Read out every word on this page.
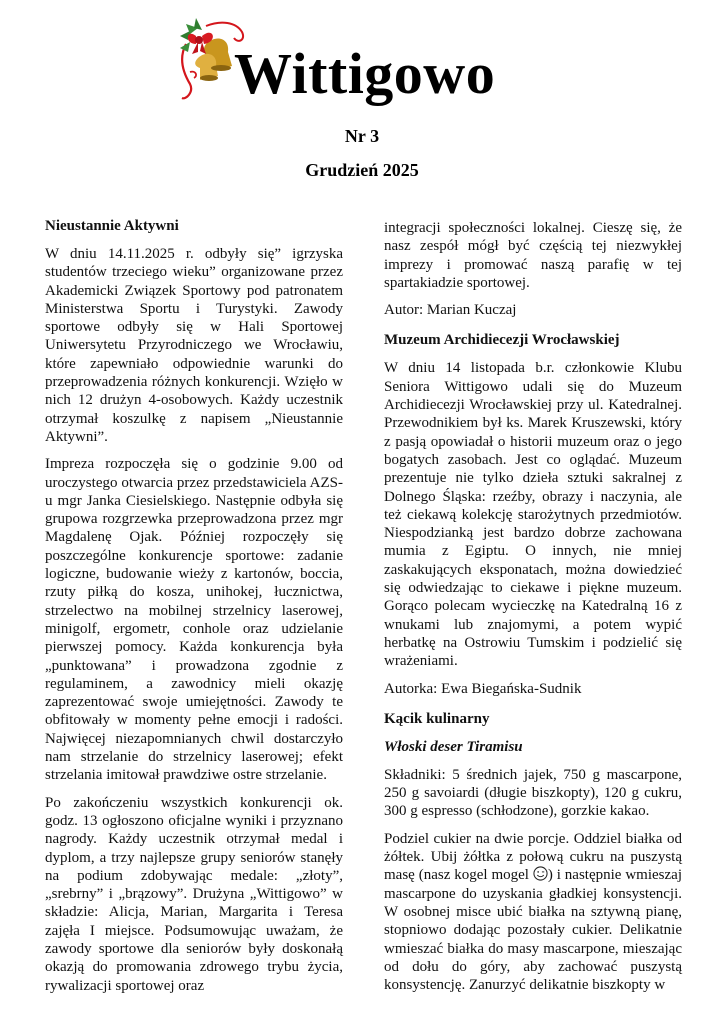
Wittigowo
Nr 3
Grudzień 2025
Nieustannie Aktywni

W dniu 14.11.2025 r. odbyły się” igrzyska studentów trzeciego wieku” organizowane przez Akademicki Związek Sportowy pod patronatem Ministerstwa Sportu i Turystyki. Zawody sportowe odbyły się w Hali Sportowej Uniwersytetu Przyrodniczego we Wrocławiu, które zapewniało odpowiednie warunki do przeprowadzenia różnych konkurencji. Wzięło w nich 12 drużyn 4-osobowych. Każdy uczestnik otrzymał koszulkę z napisem „Nieustannie Aktywni”.

Impreza rozpoczęła się o godzinie 9.00 od uroczystego otwarcia przez przedstawiciela AZS-u mgr Janka Ciesielskiego. Następnie odbyła się grupowa rozgrzewka przeprowadzona przez mgr Magdalenę Ojak. Później rozpoczęły się poszczególne konkurencje sportowe: zadanie logiczne, budowanie wieży z kartonów, boccia, rzuty piłką do kosza, unihokej, łucznictwa, strzelectwo na mobilnej strzelnicy laserowej, minigolf, ergometr, conhole oraz udzielanie pierwszej pomocy. Każda konkurencja była „punktowana” i prowadzona zgodnie z regulaminem, a zawodnicy mieli okazję zaprezentować swoje umiejętności. Zawody te obfitowały w momenty pełne emocji i radości. Najwięcej niezapomnianych chwil dostarczyło nam strzelanie do strzelnicy laserowej; efekt strzelania imitował prawdziwe ostre strzelanie.

Po zakończeniu wszystkich konkurencji ok. godz. 13 ogłoszono oficjalne wyniki i przyznano nagrody. Każdy uczestnik otrzymał medal i dyplom, a trzy najlepsze grupy seniorów stanęły na podium zdobywając medale: „złoty”, „srebrny” i „brązowy”. Drużyna „Wittigowo” w składzie: Alicja, Marian, Margarita i Teresa zajęła I miejsce. Podsumowując uważam, że zawody sportowe dla seniorów były doskonałą okazją do promowania zdrowego trybu życia, rywalizacji sportowej oraz

integracji społeczności lokalnej. Cieszę się, że nasz zespół mógł być częścią tej niezwykłej imprezy i promować naszą parafię w tej spartakiadzie sportowej.

Autor: Marian Kuczaj

Muzeum Archidiecezji Wrocławskiej

W dniu 14 listopada b.r. członkowie Klubu Seniora Wittigowo udali się do Muzeum Archidiecezji Wrocławskiej przy ul. Katedralnej. Przewodnikiem był ks. Marek Kruszewski, który z pasją opowiadał o historii muzeum oraz o jego bogatych zasobach. Jest co oglądać. Muzeum prezentuje nie tylko dzieła sztuki sakralnej z Dolnego Śląska: rzeźby, obrazy i naczynia, ale też ciekawą kolekcję starożytnych przedmiotów. Niespodzianką jest bardzo dobrze zachowana mumia z Egiptu. O innych, nie mniej zaskakujących eksponatach, można dowiedzieć się odwiedzając to ciekawe i piękne muzeum. Gorąco polecam wycieczkę na Katedralną 16 z wnukami lub znajomymi, a potem wypić herbatkę na Ostrowiu Tumskim i podzielić się wrażeniami.

Autorka: Ewa Biegańska-Sudnik

Kącik kulinarny
Włoski deser Tiramisu

Składniki: 5 średnich jajek, 750 g mascarpone, 250 g savoiardi (długie biszkopty), 120 g cukru, 300 g espresso (schłodzone), gorzkie kakao.

Podziel cukier na dwie porcje. Oddziel białka od żółtek. Ubij żółtka z połową cukru na puszystą masę (nasz kogel mogel ) i następnie wmieszaj mascarpone do uzyskania gładkiej konsystencji. W osobnej misce ubić białka na sztywną pianę, stopniowo dodając pozostały cukier. Delikatnie wmieszać białka do masy mascarpone, mieszając od dołu do góry, aby zachować puszystą konsystencję. Zanurzyć delikatnie biszkopty w
